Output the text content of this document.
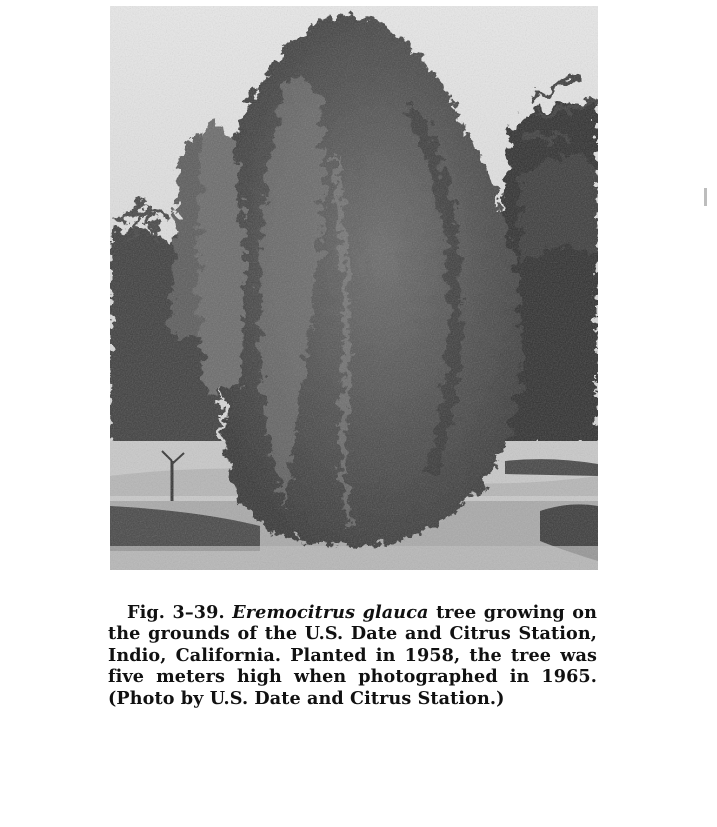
Fig. 3–39. Eremocitrus glauca tree growing on the grounds of the U.S. Date and Citrus Station, Indio, California. Planted in 1958, the tree was five meters high when photographed in 1965. (Photo by U.S. Date and Citrus Station.)
